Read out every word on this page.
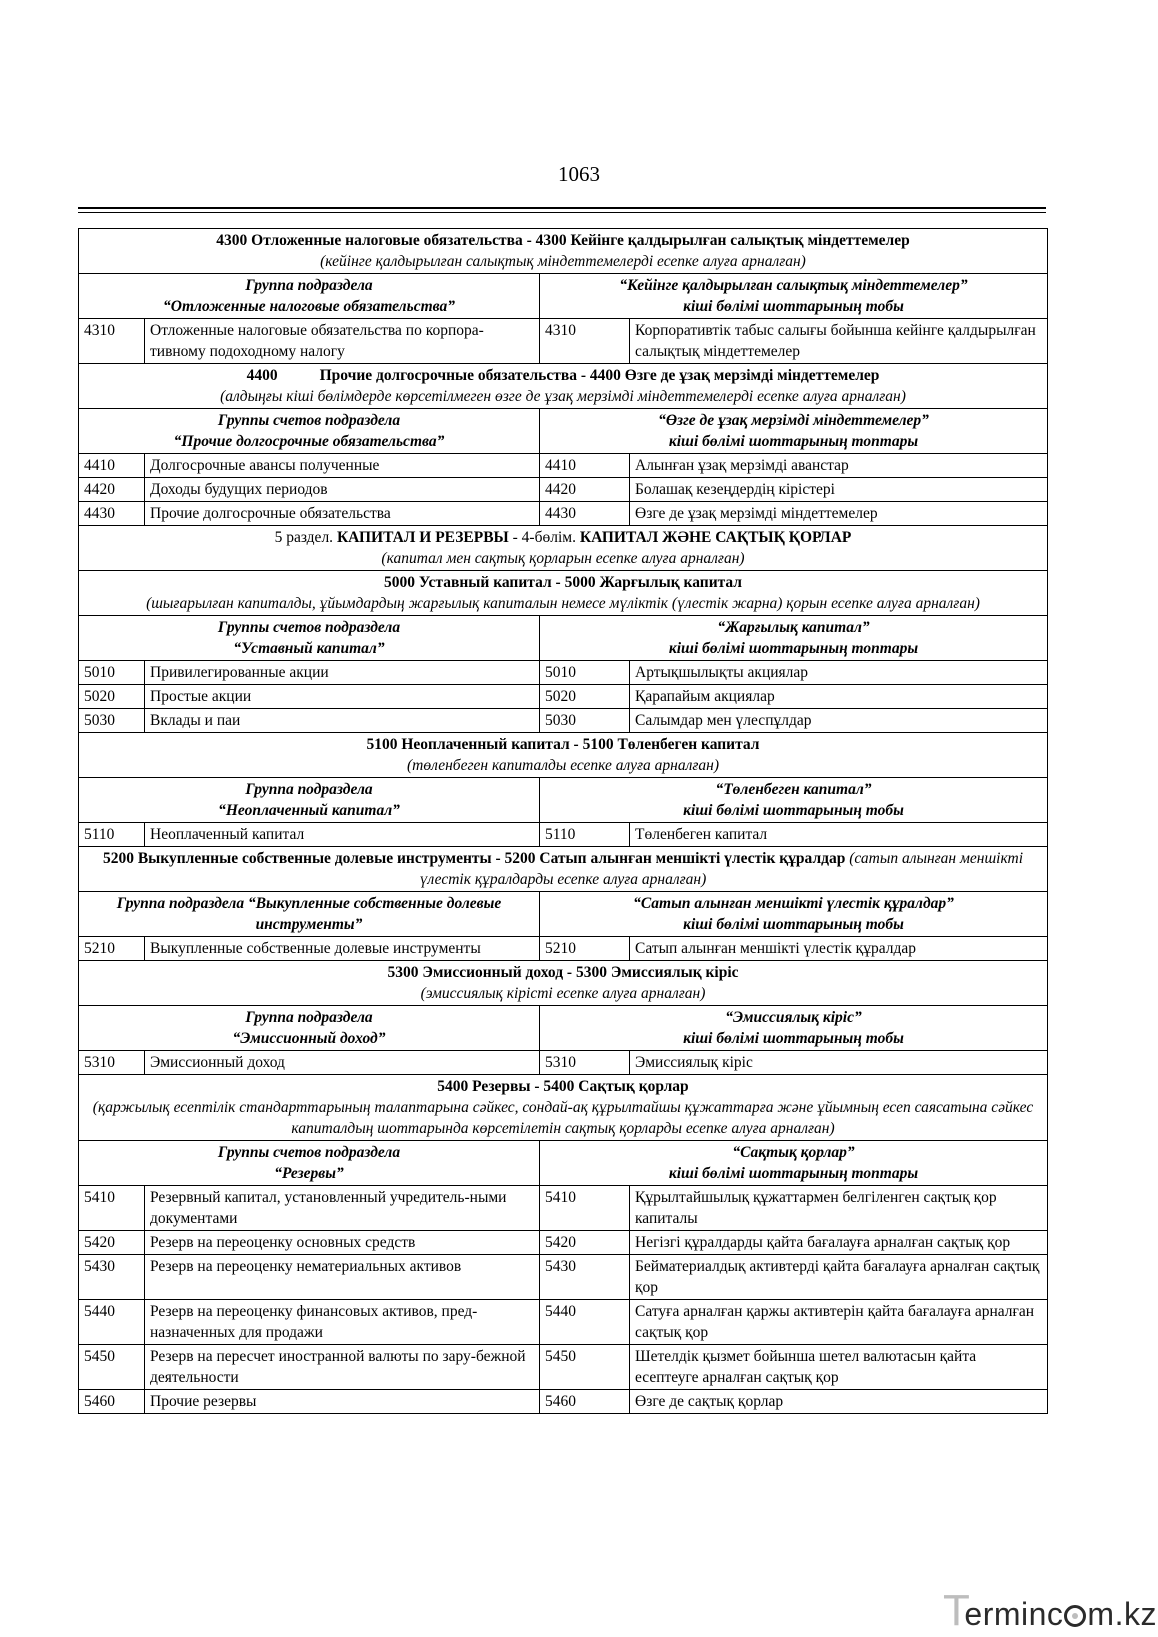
1063
4300 Отложенные налоговые обязательства - 4300 Кейінге қалдырылған салықтық міндеттемелер
(кейінге қалдырылған салықтық міндеттемелерді есепке алуға арналған)			
Группа подраздела
“Отложенные налоговые обязательства”		“Кейінге қалдырылған салықтық міндеттемелер”
кіші бөлімі шоттарының тобы	
4310	Отложенные налоговые обязательства по корпора-тивному подоходному налогу	4310	Корпоративтік табыс салығы бойынша кейінге қалдырылған салықтық міндеттемелер
4400 Прочие долгосрочные обязательства - 4400 Өзге де ұзақ мерзімді міндеттемелер
(алдыңғы кіші бөлімдерде көрсетілмеген өзге де ұзақ мерзімді міндеттемелерді есепке алуға арналған)			
Группы счетов подраздела
“Прочие долгосрочные обязательства”		“Өзге де ұзақ мерзімді міндеттемелер”
кіші бөлімі шоттарының топтары	
4410	Долгосрочные авансы полученные	4410	Алынған ұзақ мерзімді аванстар
4420	Доходы будущих периодов	4420	Болашақ кезеңдердің кірістері
4430	Прочие долгосрочные обязательства	4430	Өзге де ұзақ мерзімді міндеттемелер
5 раздел. КАПИТАЛ И РЕЗЕРВЫ - 4-бөлім. КАПИТАЛ ЖӘНЕ САҚТЫҚ ҚОРЛАР
(капитал мен сақтық қорларын есепке алуға арналған)			
5000 Уставный капитал - 5000 Жарғылық капитал
(шығарылған капиталды, ұйымдардың жарғылық капиталын немесе мүліктік (үлестік жарна) қорын есепке алуға арналған)			
Группы счетов подраздела
“Уставный капитал”		“Жарғылық капитал”
кіші бөлімі шоттарының топтары	
5010	Привилегированные акции	5010	Артықшылықты акциялар
5020	Простые акции	5020	Қарапайым акциялар
5030	Вклады и паи	5030	Салымдар мен үлеспұлдар
5100 Неоплаченный капитал - 5100 Төленбеген капитал
(төленбеген капиталды есепке алуға арналған)			
Группа подраздела
“Неоплаченный капитал”		“Төленбеген капитал”
кіші бөлімі шоттарының тобы	
5110	Неоплаченный капитал	5110	Төленбеген капитал
5200 Выкупленные собственные долевые инструменты - 5200 Сатып алынған меншікті үлестік құралдар (сатып алынған меншікті үлестік құралдарды есепке алуға арналған)			
Группа подраздела “Выкупленные собственные долевые инструменты”		“Сатып алынған меншікті үлестік құралдар”
кіші бөлімі шоттарының тобы	
5210	Выкупленные собственные долевые инструменты	5210	Сатып алынған меншікті үлестік құралдар
5300 Эмиссионный доход - 5300 Эмиссиялық кіріс
(эмиссиялық кірісті есепке алуға арналған)			
Группа подраздела
“Эмиссионный доход”		“Эмиссиялық кіріс”
кіші бөлімі шоттарының тобы	
5310	Эмиссионный доход	5310	Эмиссиялық кіріс
5400 Резервы - 5400 Сақтық қорлар
(қаржылық есептілік стандарттарының талаптарына сәйкес, сондай-ақ құрылтайшы құжаттарға және ұйымның есеп саясатына сәйкес капиталдың шоттарында көрсетілетін сақтық қорларды есепке алуға арналған)			
Группы счетов подраздела
“Резервы”		“Сақтық қорлар”
кіші бөлімі шоттарының топтары	
5410	Резервный капитал, установленный учредитель-ными документами	5410	Құрылтайшылық құжаттармен белгіленген сақтық қор капиталы
5420	Резерв на переоценку основных средств	5420	Негізгі құралдарды қайта бағалауға арналған сақтық қор
5430	Резерв на переоценку нематериальных активов	5430	Бейматериалдық активтерді қайта бағалауға арналған сақтық қор
5440	Резерв на переоценку финансовых активов, пред-назначенных для продажи	5440	Сатуға арналған қаржы активтерін қайта бағалауға арналған сақтық қор
5450	Резерв на пересчет иностранной валюты по зару-бежной деятельности	5450	Шетелдік қызмет бойынша шетел валютасын қайта есептеуге арналған сақтық қор
5460	Прочие резервы	5460	Өзге де сақтық қорлар
Terminc m.kz
